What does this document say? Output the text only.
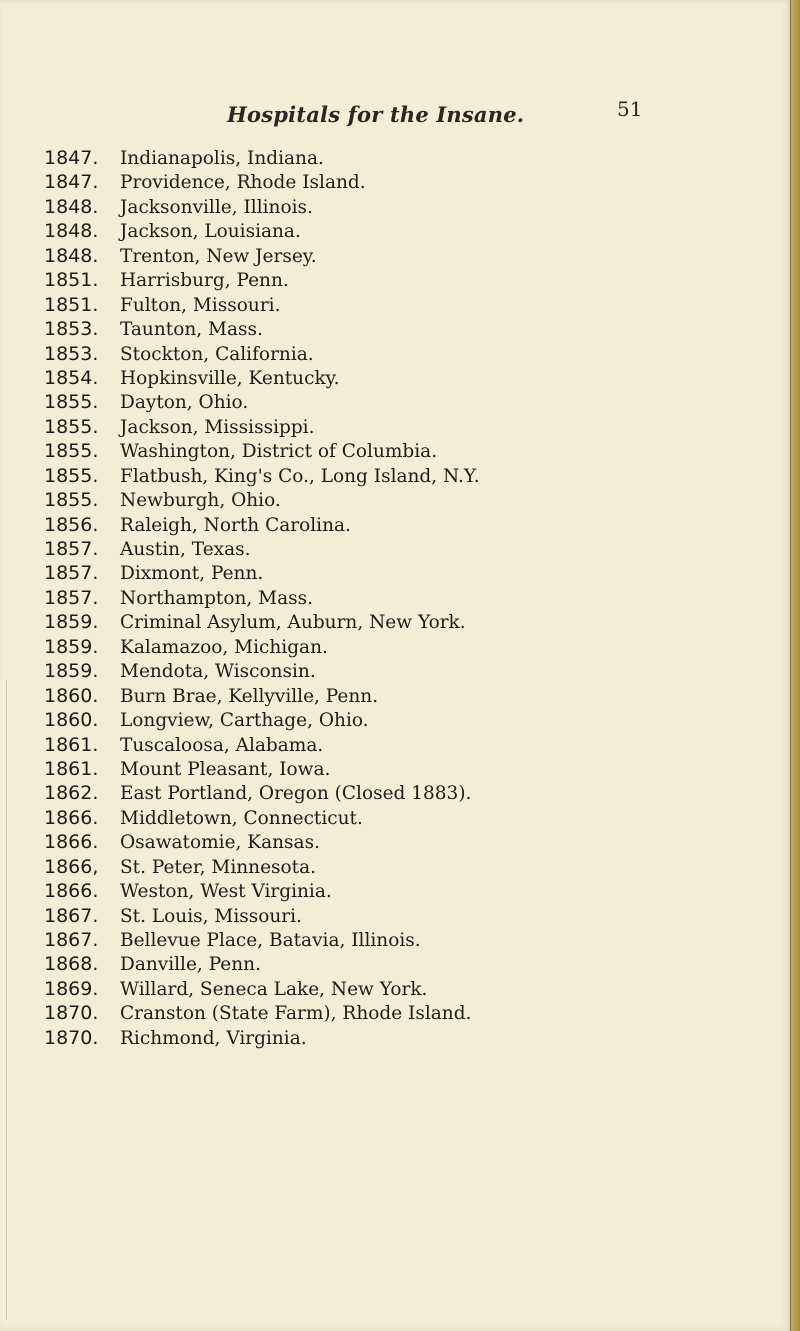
Hospitals for the Insane.	51
1847. Indianapolis, Indiana.
1847. Providence, Rhode Island.
1848. Jacksonville, Illinois.
1848. Jackson, Louisiana.
1848. Trenton, New Jersey.
1851. Harrisburg, Penn.
1851. Fulton, Missouri.
1853. Taunton, Mass.
1853. Stockton, California.
1854. Hopkinsville, Kentucky.
1855. Dayton, Ohio.
1855. Jackson, Mississippi.
1855. Washington, District of Columbia.
1855. Flatbush, King's Co., Long Island, N.Y.
1855. Newburgh, Ohio.
1856. Raleigh, North Carolina.
1857. Austin, Texas.
1857. Dixmont, Penn.
1857. Northampton, Mass.
1859. Criminal Asylum, Auburn, New York.
1859. Kalamazoo, Michigan.
1859. Mendota, Wisconsin.
1860. Burn Brae, Kellyville, Penn.
1860. Longview, Carthage, Ohio.
1861. Tuscaloosa, Alabama.
1861. Mount Pleasant, Iowa.
1862. East Portland, Oregon (Closed 1883).
1866. Middletown, Connecticut.
1866. Osawatomie, Kansas.
1866, St. Peter, Minnesota.
1866. Weston, West Virginia.
1867. St. Louis, Missouri.
1867. Bellevue Place, Batavia, Illinois.
1868. Danville, Penn.
1869. Willard, Seneca Lake, New York.
1870. Cranston (State Farm), Rhode Island.
1870. Richmond, Virginia.
